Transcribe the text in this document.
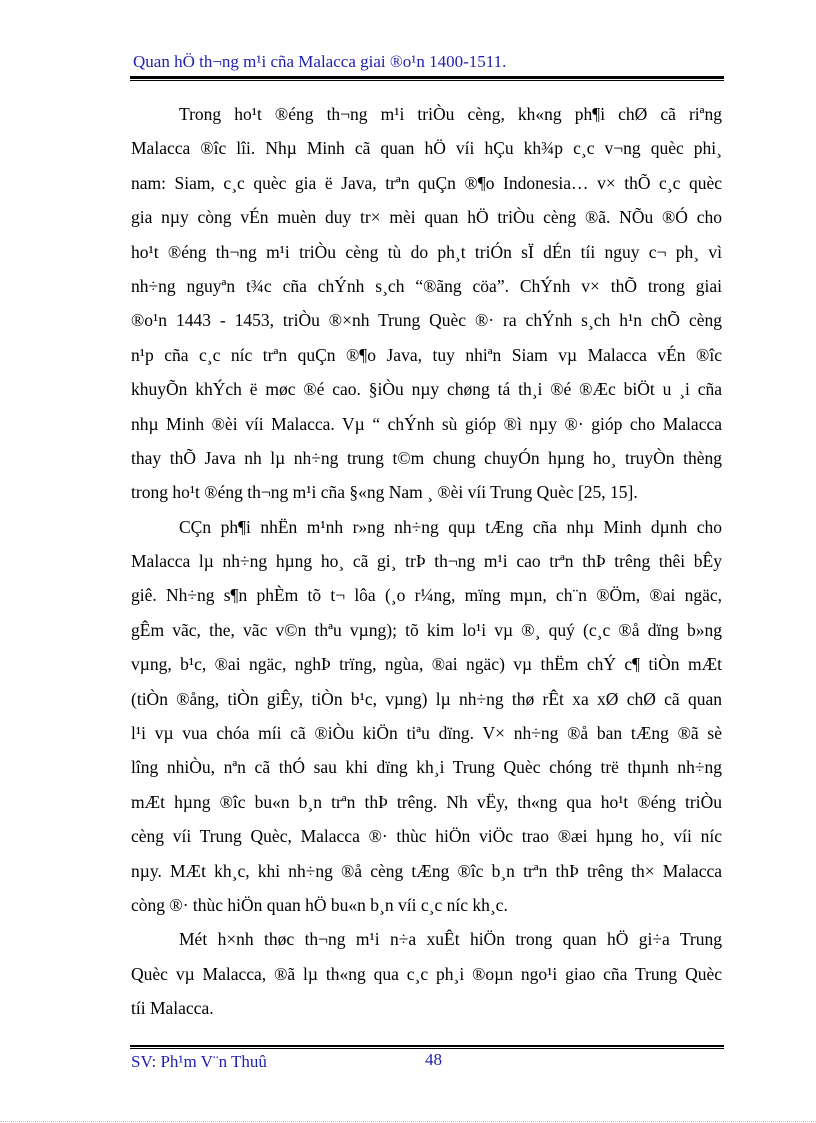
Quan hÖ th¬ng m¹i cña Malacca giai ®o¹n 1400-1511.
Trong ho¹t ®éng th¬ng m¹i triÒu cèng, kh«ng ph¶i chØ cã riªng
Malacca ®îc lîi. Nhµ Minh cã quan hÖ víi hÇu kh¾p c¸c v¬ng quèc phi¸
nam: Siam, c¸c quèc gia ë Java, trªn quÇn ®¶o Indonesia… v× thÕ c¸c quèc
gia nµy còng vÉn muèn duy tr× mèi quan hÖ triÒu cèng ®ã. NÕu ®Ó cho
ho¹t ®éng th¬ng m¹i triÒu cèng tù do ph¸t triÓn sÏ dÉn tíi nguy c¬ ph¸ vì
nh÷ng nguyªn t¾c cña chÝnh s¸ch “®ãng cöa”. ChÝnh v× thÕ trong giai
®o¹n 1443 - 1453, triÒu ®×nh Trung Quèc ®· ra chÝnh s¸ch h¹n chÕ cèng
n¹p cña c¸c níc trªn quÇn ®¶o Java, tuy nhiªn Siam vµ Malacca vÉn ®îc
khuyÕn khÝch ë møc ®é cao. §iÒu nµy chøng tá th¸i ®é ®Æc biÖt u ¸i cña
nhµ Minh ®èi víi Malacca. Vµ “ chÝnh sù gióp ®ì nµy ®· gióp cho Malacca
thay thÕ Java nh lµ nh÷ng trung t©m chung chuyÓn hµng ho¸ truyÒn thèng
trong ho¹t ®éng th¬ng m¹i cña §«ng Nam ¸ ®èi víi Trung Quèc [25, 15].
CÇn ph¶i nhËn m¹nh r»ng nh÷ng quµ tÆng cña nhµ Minh dµnh cho
Malacca lµ nh÷ng hµng ho¸ cã gi¸ trÞ th¬ng m¹i cao trªn thÞ trêng thêi bÊy
giê. Nh÷ng s¶n phÈm tõ t¬ lôa (¸o r¼ng, mïng mµn, ch¨n ®Öm, ®ai ngäc,
gÊm vãc, the, vãc v©n thªu vµng); tõ kim lo¹i vµ ®¸ quý (c¸c ®å dïng b»ng
vµng, b¹c, ®ai ngäc, nghÞ trïng, ngùa, ®ai ngäc) vµ thËm chÝ c¶ tiÒn mÆt
(tiÒn ®ång, tiÒn giÊy, tiÒn b¹c, vµng) lµ nh÷ng thø rÊt xa xØ chØ cã quan
l¹i vµ vua chóa míi cã ®iÒu kiÖn tiªu dïng. V× nh÷ng ®å ban tÆng ®ã sè
lîng nhiÒu, nªn cã thÓ sau khi dïng kh¸i Trung Quèc chóng trë thµnh nh÷ng
mÆt hµng ®îc bu«n b¸n trªn thÞ trêng. Nh vËy, th«ng qua ho¹t ®éng triÒu
cèng víi Trung Quèc, Malacca ®· thùc hiÖn viÖc trao ®æi hµng ho¸ víi níc
nµy. MÆt kh¸c, khi nh÷ng ®å cèng tÆng ®îc b¸n trªn thÞ trêng th× Malacca
còng ®· thùc hiÖn quan hÖ bu«n b¸n víi c¸c níc kh¸c.
Mét h×nh thøc th¬ng m¹i n÷a xuÊt hiÖn trong quan hÖ gi÷a Trung
Quèc vµ Malacca, ®ã lµ th«ng qua c¸c ph¸i ®oµn ngo¹i giao cña Trung Quèc
tíi Malacca.
SV: Ph¹m V¨n Thuû	48
